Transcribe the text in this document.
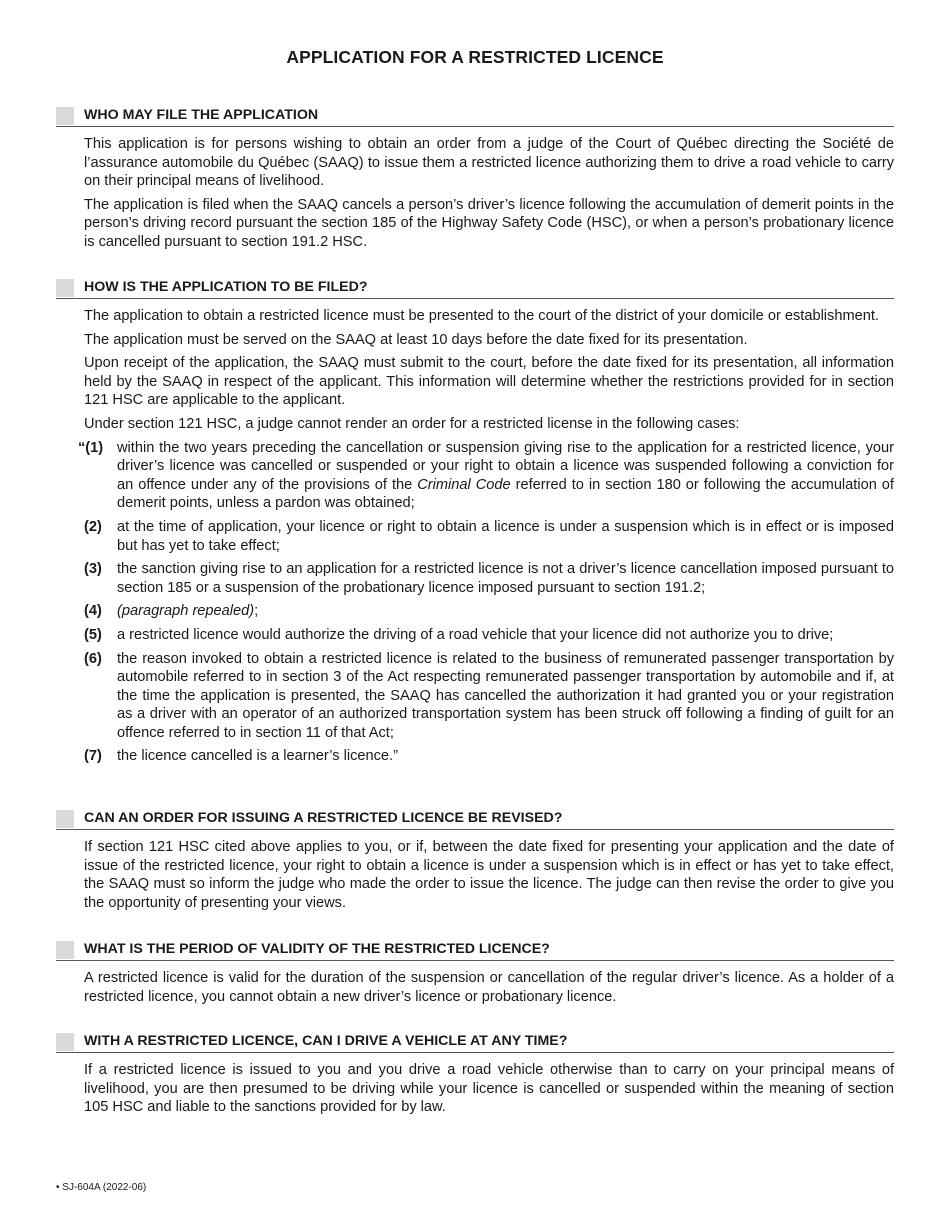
APPLICATION FOR A RESTRICTED LICENCE
WHO MAY FILE THE APPLICATION

This application is for persons wishing to obtain an order from a judge of the Court of Québec directing the Société de l’assurance automobile du Québec (SAAQ) to issue them a restricted licence authorizing them to drive a road vehicle to carry on their principal means of livelihood.

The application is filed when the SAAQ cancels a person’s driver’s licence following the accumulation of demerit points in the person’s driving record pursuant the section 185 of the Highway Safety Code (HSC), or when a person’s probationary licence is cancelled pursuant to section 191.2 HSC.

HOW IS THE APPLICATION TO BE FILED?

The application to obtain a restricted licence must be presented to the court of the district of your domicile or establishment.

The application must be served on the SAAQ at least 10 days before the date fixed for its presentation.

Upon receipt of the application, the SAAQ must submit to the court, before the date fixed for its presentation, all information held by the SAAQ in respect of the applicant. This information will determine whether the restrictions provided for in section 121 HSC are applicable to the applicant.

Under section 121 HSC, a judge cannot render an order for a restricted license in the following cases:

“(1) within the two years preceding the cancellation or suspension giving rise to the application for a restricted licence, your driver’s licence was cancelled or suspended or your right to obtain a licence was suspended following a conviction for an offence under any of the provisions of the Criminal Code referred to in section 180 or following the accumulation of demerit points, unless a pardon was obtained;
(2) at the time of application, your licence or right to obtain a licence is under a suspension which is in effect or is imposed but has yet to take effect;
(3) the sanction giving rise to an application for a restricted licence is not a driver’s licence cancellation imposed pursuant to section 185 or a suspension of the probationary licence imposed pursuant to section 191.2;
(4) (paragraph repealed);
(5) a restricted licence would authorize the driving of a road vehicle that your licence did not authorize you to drive;
(6) the reason invoked to obtain a restricted licence is related to the business of remunerated passenger transportation by automobile referred to in section 3 of the Act respecting remunerated passenger transportation by automobile and if, at the time the application is presented, the SAAQ has cancelled the authorization it had granted you or your registration as a driver with an operator of an authorized transportation system has been struck off following a finding of guilt for an offence referred to in section 11 of that Act;
(7) the licence cancelled is a learner’s licence.”
CAN AN ORDER FOR ISSUING A RESTRICTED LICENCE BE REVISED?

If section 121 HSC cited above applies to you, or if, between the date fixed for presenting your application and the date of issue of the restricted licence, your right to obtain a licence is under a suspension which is in effect or has yet to take effect, the SAAQ must so inform the judge who made the order to issue the licence. The judge can then revise the order to give you the opportunity of presenting your views.

WHAT IS THE PERIOD OF VALIDITY OF THE RESTRICTED LICENCE?

A restricted licence is valid for the duration of the suspension or cancellation of the regular driver’s licence. As a holder of a restricted licence, you cannot obtain a new driver’s licence or probationary licence.

WITH A RESTRICTED LICENCE, CAN I DRIVE A VEHICLE AT ANY TIME?

If a restricted licence is issued to you and you drive a road vehicle otherwise than to carry on your principal means of livelihood, you are then presumed to be driving while your licence is cancelled or suspended within the meaning of section 105 HSC and liable to the sanctions provided for by law.

• SJ-604A (2022-06)
